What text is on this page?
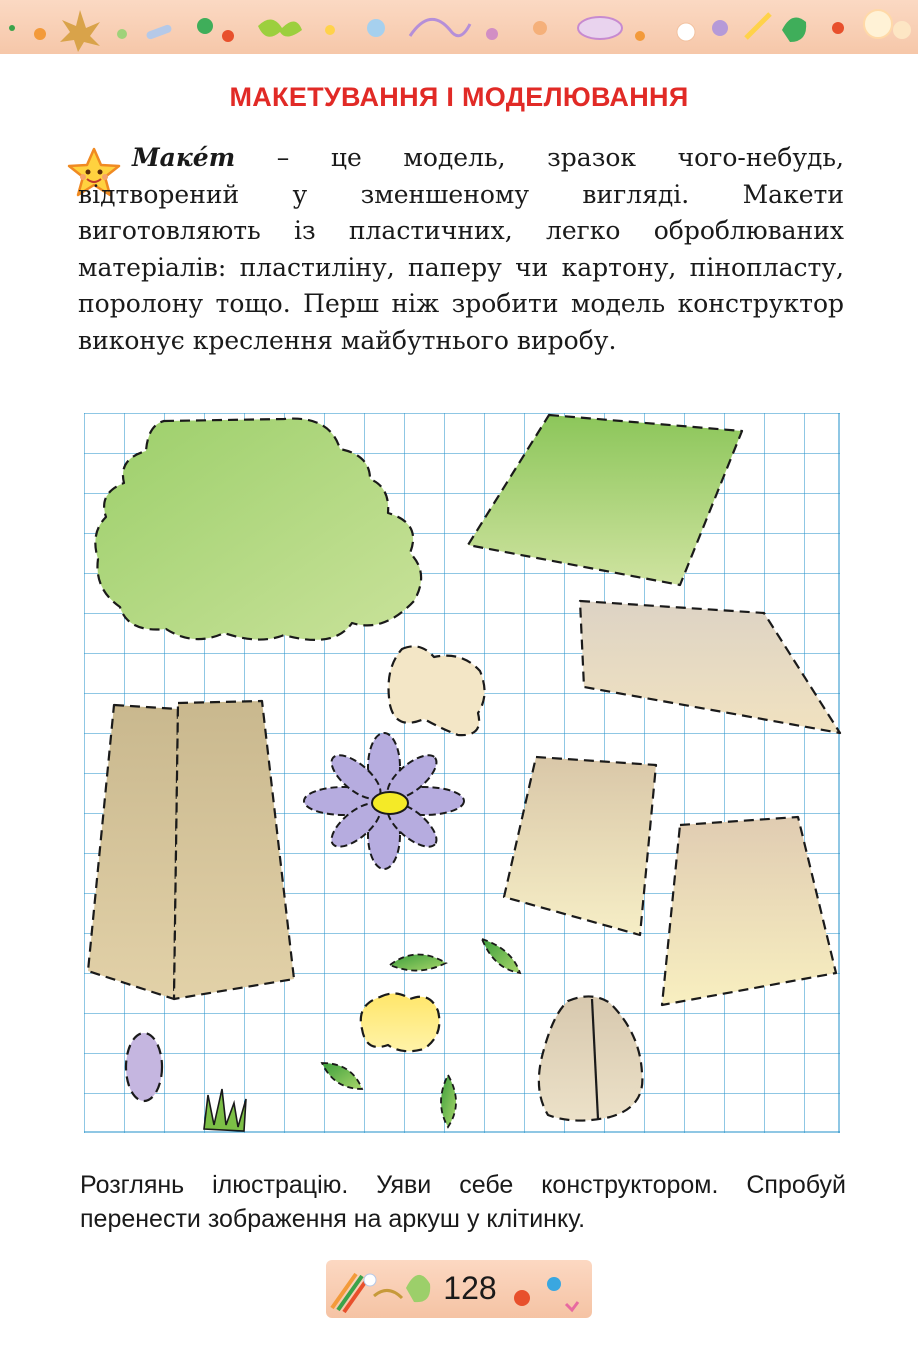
МАКЕТУВАННЯ І МОДЕЛЮВАННЯ

Макéт – це модель, зразок чого-небудь, відтворений у зменшеному вигляді. Макети виготовляють із пластичних, легко оброблюваних матеріалів: пластиліну, паперу чи картону, пінопласту, поролону тощо. Перш ніж зробити модель конструктор виконує креслення майбутнього виробу.

Розглянь ілюстрацію. Уяви себе конструктором. Спробуй перенести зображення на аркуш у клітинку.

128
